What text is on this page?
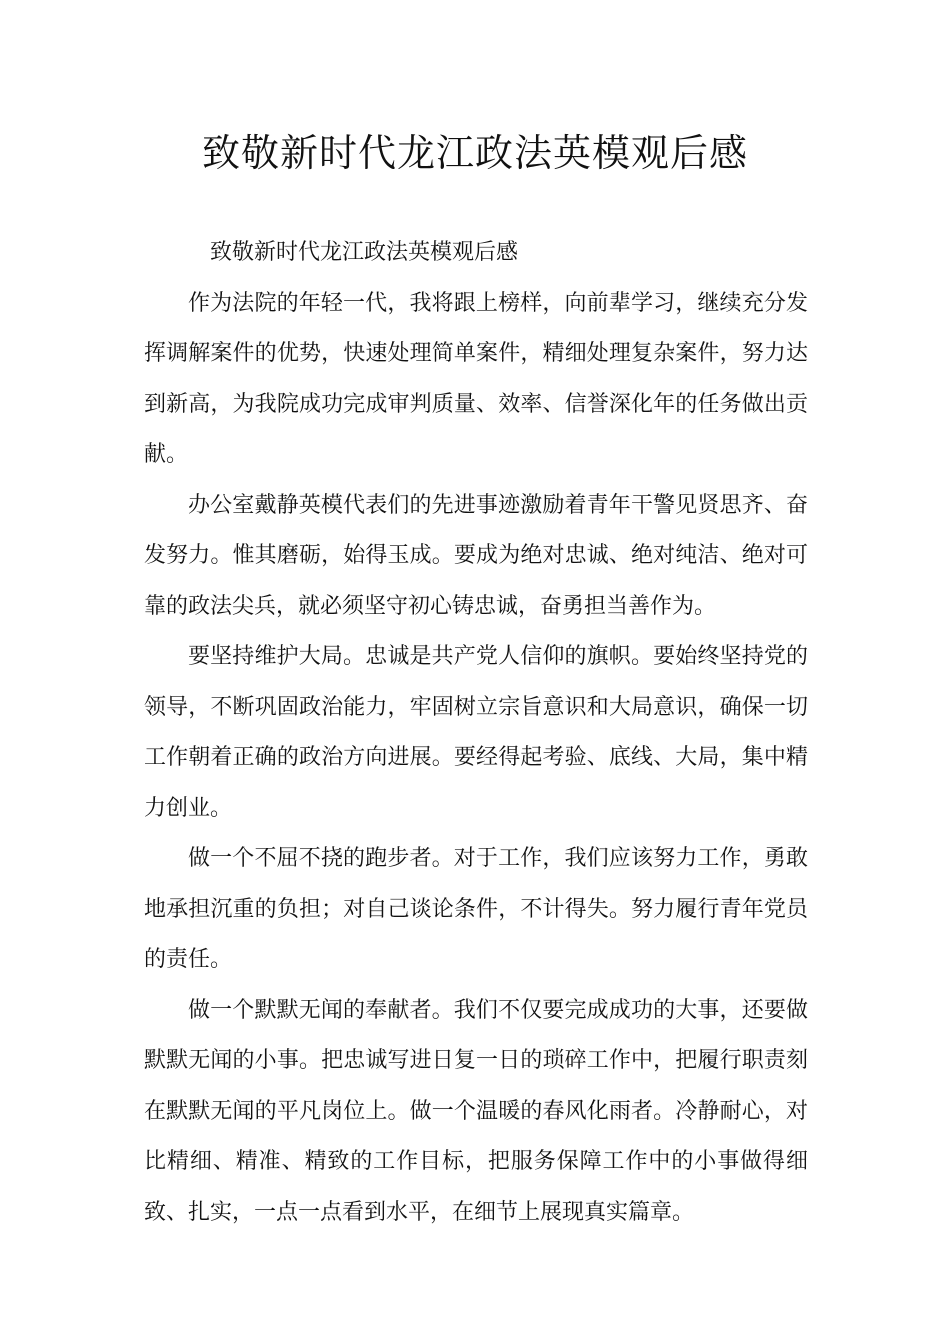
致敬新时代龙江政法英模观后感

致敬新时代龙江政法英模观后感

作为法院的年轻一代，我将跟上榜样，向前辈学习，继续充分发挥调解案件的优势，快速处理简单案件，精细处理复杂案件，努力达到新高，为我院成功完成审判质量、效率、信誉深化年的任务做出贡献。

办公室戴静英模代表们的先进事迹激励着青年干警见贤思齐、奋发努力。惟其磨砺，始得玉成。要成为绝对忠诚、绝对纯洁、绝对可靠的政法尖兵，就必须坚守初心铸忠诚，奋勇担当善作为。

要坚持维护大局。忠诚是共产党人信仰的旗帜。要始终坚持党的领导，不断巩固政治能力，牢固树立宗旨意识和大局意识，确保一切工作朝着正确的政治方向进展。要经得起考验、底线、大局，集中精力创业。

做一个不屈不挠的跑步者。对于工作，我们应该努力工作，勇敢地承担沉重的负担；对自己谈论条件，不计得失。努力履行青年党员的责任。

做一个默默无闻的奉献者。我们不仅要完成成功的大事，还要做默默无闻的小事。把忠诚写进日复一日的琐碎工作中，把履行职责刻在默默无闻的平凡岗位上。做一个温暖的春风化雨者。冷静耐心，对比精细、精准、精致的工作目标，把服务保障工作中的小事做得细致、扎实，一点一点看到水平，在细节上展现真实篇章。
